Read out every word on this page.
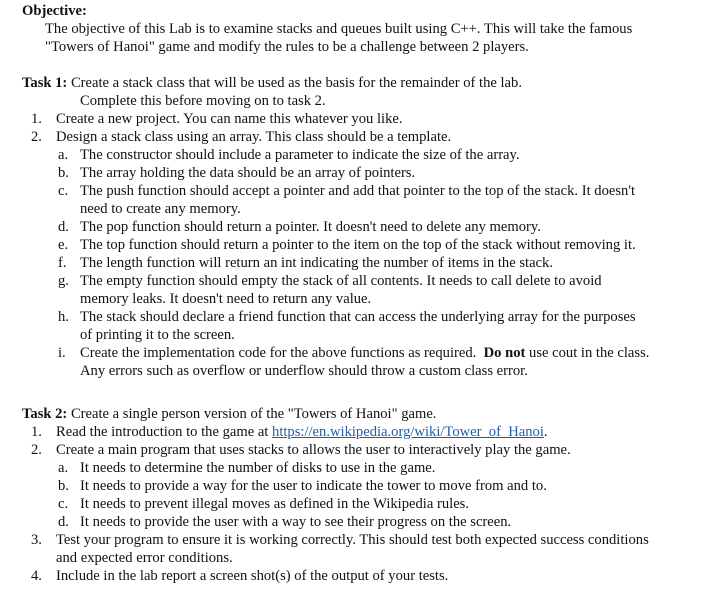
Objective:
The objective of this Lab is to examine stacks and queues built using C++. This will take the famous
"Towers of Hanoi" game and modify the rules to be a challenge between 2 players.
Task 1: Create a stack class that will be used as the basis for the remainder of the lab.
Complete this before moving on to task 2.
1. Create a new project. You can name this whatever you like.
2. Design a stack class using an array. This class should be a template.
a. The constructor should include a parameter to indicate the size of the array.
b. The array holding the data should be an array of pointers.
c. The push function should accept a pointer and add that pointer to the top of the stack. It doesn't
need to create any memory.
d. The pop function should return a pointer. It doesn't need to delete any memory.
e. The top function should return a pointer to the item on the top of the stack without removing it.
f. The length function will return an int indicating the number of items in the stack.
g. The empty function should empty the stack of all contents. It needs to call delete to avoid
memory leaks. It doesn't need to return any value.
h. The stack should declare a friend function that can access the underlying array for the purposes
of printing it to the screen.
i. Create the implementation code for the above functions as required.  Do not use cout in the class.
Any errors such as overflow or underflow should throw a custom class error.
Task 2: Create a single person version of the "Towers of Hanoi" game.
1. Read the introduction to the game at https://en.wikipedia.org/wiki/Tower_of_Hanoi.
2. Create a main program that uses stacks to allows the user to interactively play the game.
a. It needs to determine the number of disks to use in the game.
b. It needs to provide a way for the user to indicate the tower to move from and to.
c. It needs to prevent illegal moves as defined in the Wikipedia rules.
d. It needs to provide the user with a way to see their progress on the screen.
3. Test your program to ensure it is working correctly. This should test both expected success conditions
and expected error conditions.
4. Include in the lab report a screen shot(s) of the output of your tests.
